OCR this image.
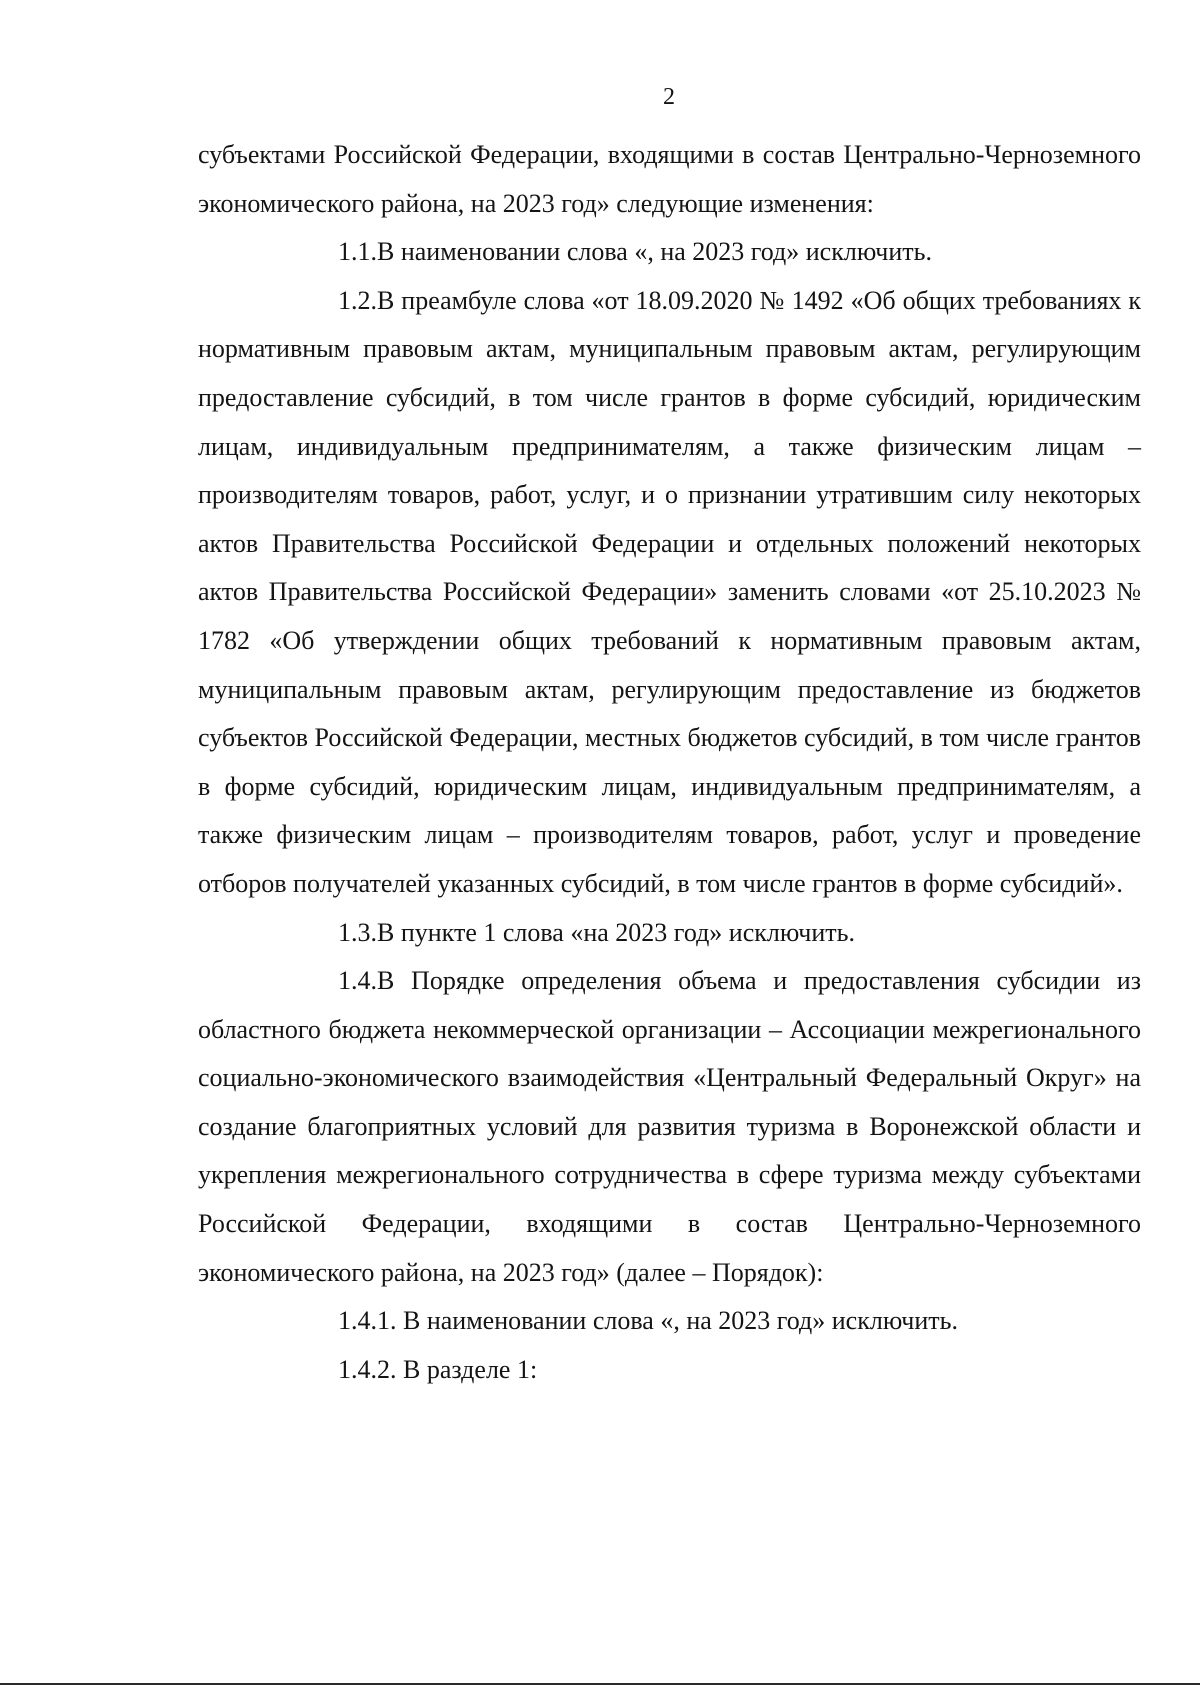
2

субъектами Российской Федерации, входящими в состав Центрально-Черноземного экономического района, на 2023 год» следующие изменения:

1.1.В наименовании слова «, на 2023 год» исключить.

1.2.В преамбуле слова «от 18.09.2020 № 1492 «Об общих требованиях к нормативным правовым актам, муниципальным правовым актам, регулирующим предоставление субсидий, в том числе грантов в форме субсидий, юридическим лицам, индивидуальным предпринимателям, а также физическим лицам – производителям товаров, работ, услуг, и о признании утратившим силу некоторых актов Правительства Российской Федерации и отдельных положений некоторых актов Правительства Российской Федерации» заменить словами «от 25.10.2023 № 1782 «Об утверждении общих требований к нормативным правовым актам, муниципальным правовым актам, регулирующим предоставление из бюджетов субъектов Российской Федерации, местных бюджетов субсидий, в том числе грантов в форме субсидий, юридическим лицам, индивидуальным предпринимателям, а также физическим лицам – производителям товаров, работ, услуг и проведение отборов получателей указанных субсидий, в том числе грантов в форме субсидий».

1.3.В пункте 1 слова «на 2023 год» исключить.

1.4.В Порядке определения объема и предоставления субсидии из областного бюджета некоммерческой организации – Ассоциации межрегионального социально-экономического взаимодействия «Центральный Федеральный Округ» на создание благоприятных условий для развития туризма в Воронежской области и укрепления межрегионального сотрудничества в сфере туризма между субъектами Российской Федерации, входящими в состав Центрально-Черноземного экономического района, на 2023 год» (далее – Порядок):

1.4.1. В наименовании слова «, на 2023 год» исключить.

1.4.2. В разделе 1:
